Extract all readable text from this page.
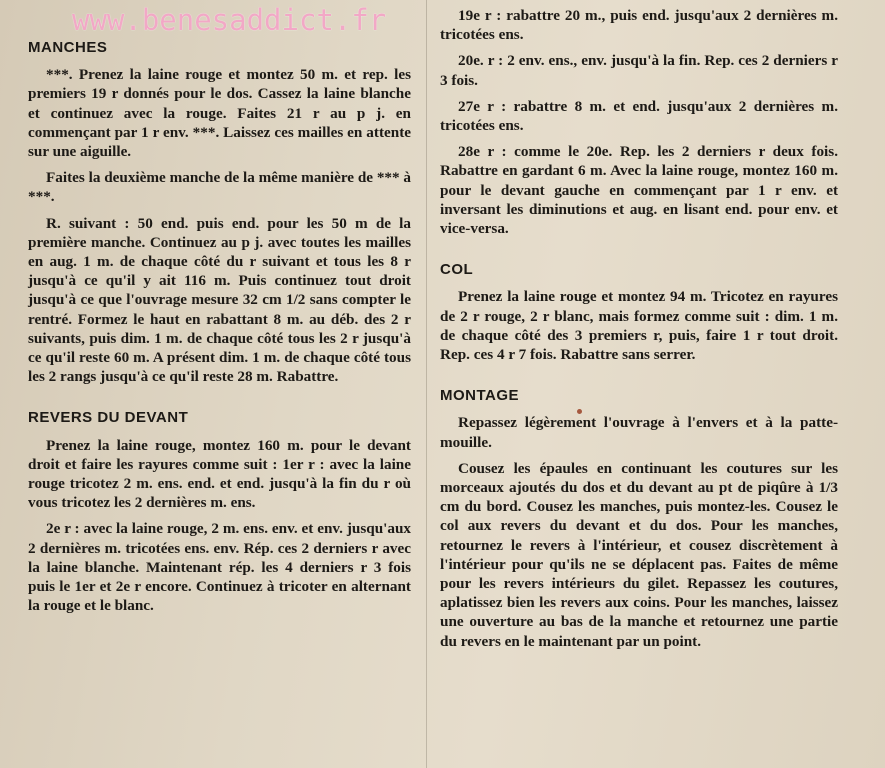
www.benesaddict.fr
MANCHES

***. Prenez la laine rouge et montez 50 m. et rep. les premiers 19 r donnés pour le dos. Cassez la laine blanche et continuez avec la rouge. Faites 21 r au p j. en commençant par 1 r env. ***. Laissez ces mailles en attente sur une aiguille.

Faites la deuxième manche de la même manière de *** à ***.

R. suivant : 50 end. puis end. pour les 50 m de la première manche. Continuez au p j. avec toutes les mailles en aug. 1 m. de chaque côté du r suivant et tous les 8 r jusqu'à ce qu'il y ait 116 m. Puis continuez tout droit jusqu'à ce que l'ouvrage mesure 32 cm 1/2 sans compter le rentré. Formez le haut en rabattant 8 m. au déb. des 2 r suivants, puis dim. 1 m. de chaque côté tous les 2 r jusqu'à ce qu'il reste 60 m. A présent dim. 1 m. de chaque côté tous les 2 rangs jusqu'à ce qu'il reste 28 m. Rabattre.

REVERS DU DEVANT

Prenez la laine rouge, montez 160 m. pour le devant droit et faire les rayures comme suit : 1er r : avec la laine rouge tricotez 2 m. ens. end. et end. jusqu'à la fin du r où vous tricotez les 2 dernières m. ens.

2e r : avec la laine rouge, 2 m. ens. env. et env. jusqu'aux 2 dernières m. tricotées ens. env. Rép. ces 2 derniers r avec la laine blanche. Maintenant rép. les 4 derniers r 3 fois puis le 1er et 2e r encore. Continuez à tricoter en alternant la rouge et le blanc.

19e r : rabattre 20 m., puis end. jusqu'aux 2 dernières m. tricotées ens.

20e. r : 2 env. ens., env. jusqu'à la fin. Rep. ces 2 derniers r 3 fois.

27e r : rabattre 8 m. et end. jusqu'aux 2 dernières m. tricotées ens.

28e r : comme le 20e. Rep. les 2 derniers r deux fois. Rabattre en gardant 6 m. Avec la laine rouge, montez 160 m. pour le devant gauche en commençant par 1 r env. et inversant les diminutions et aug. en lisant end. pour env. et vice-versa.

COL

Prenez la laine rouge et montez 94 m. Tricotez en rayures de 2 r rouge, 2 r blanc, mais formez comme suit : dim. 1 m. de chaque côté des 3 premiers r, puis, faire 1 r tout droit. Rep. ces 4 r 7 fois. Rabattre sans serrer.

MONTAGE

Repassez légèrement l'ouvrage à l'envers et à la patte-mouille.

Cousez les épaules en continuant les coutures sur les morceaux ajoutés du dos et du devant au pt de piqûre à 1/3 cm du bord. Cousez les manches, puis montez-les. Cousez le col aux revers du devant et du dos. Pour les manches, retournez le revers à l'intérieur, et cousez discrètement à l'intérieur pour qu'ils ne se déplacent pas. Faites de même pour les revers intérieurs du gilet. Repassez les coutures, aplatissez bien les revers aux coins. Pour les manches, laissez une ouverture au bas de la manche et retournez une partie du revers en le maintenant par un point.
